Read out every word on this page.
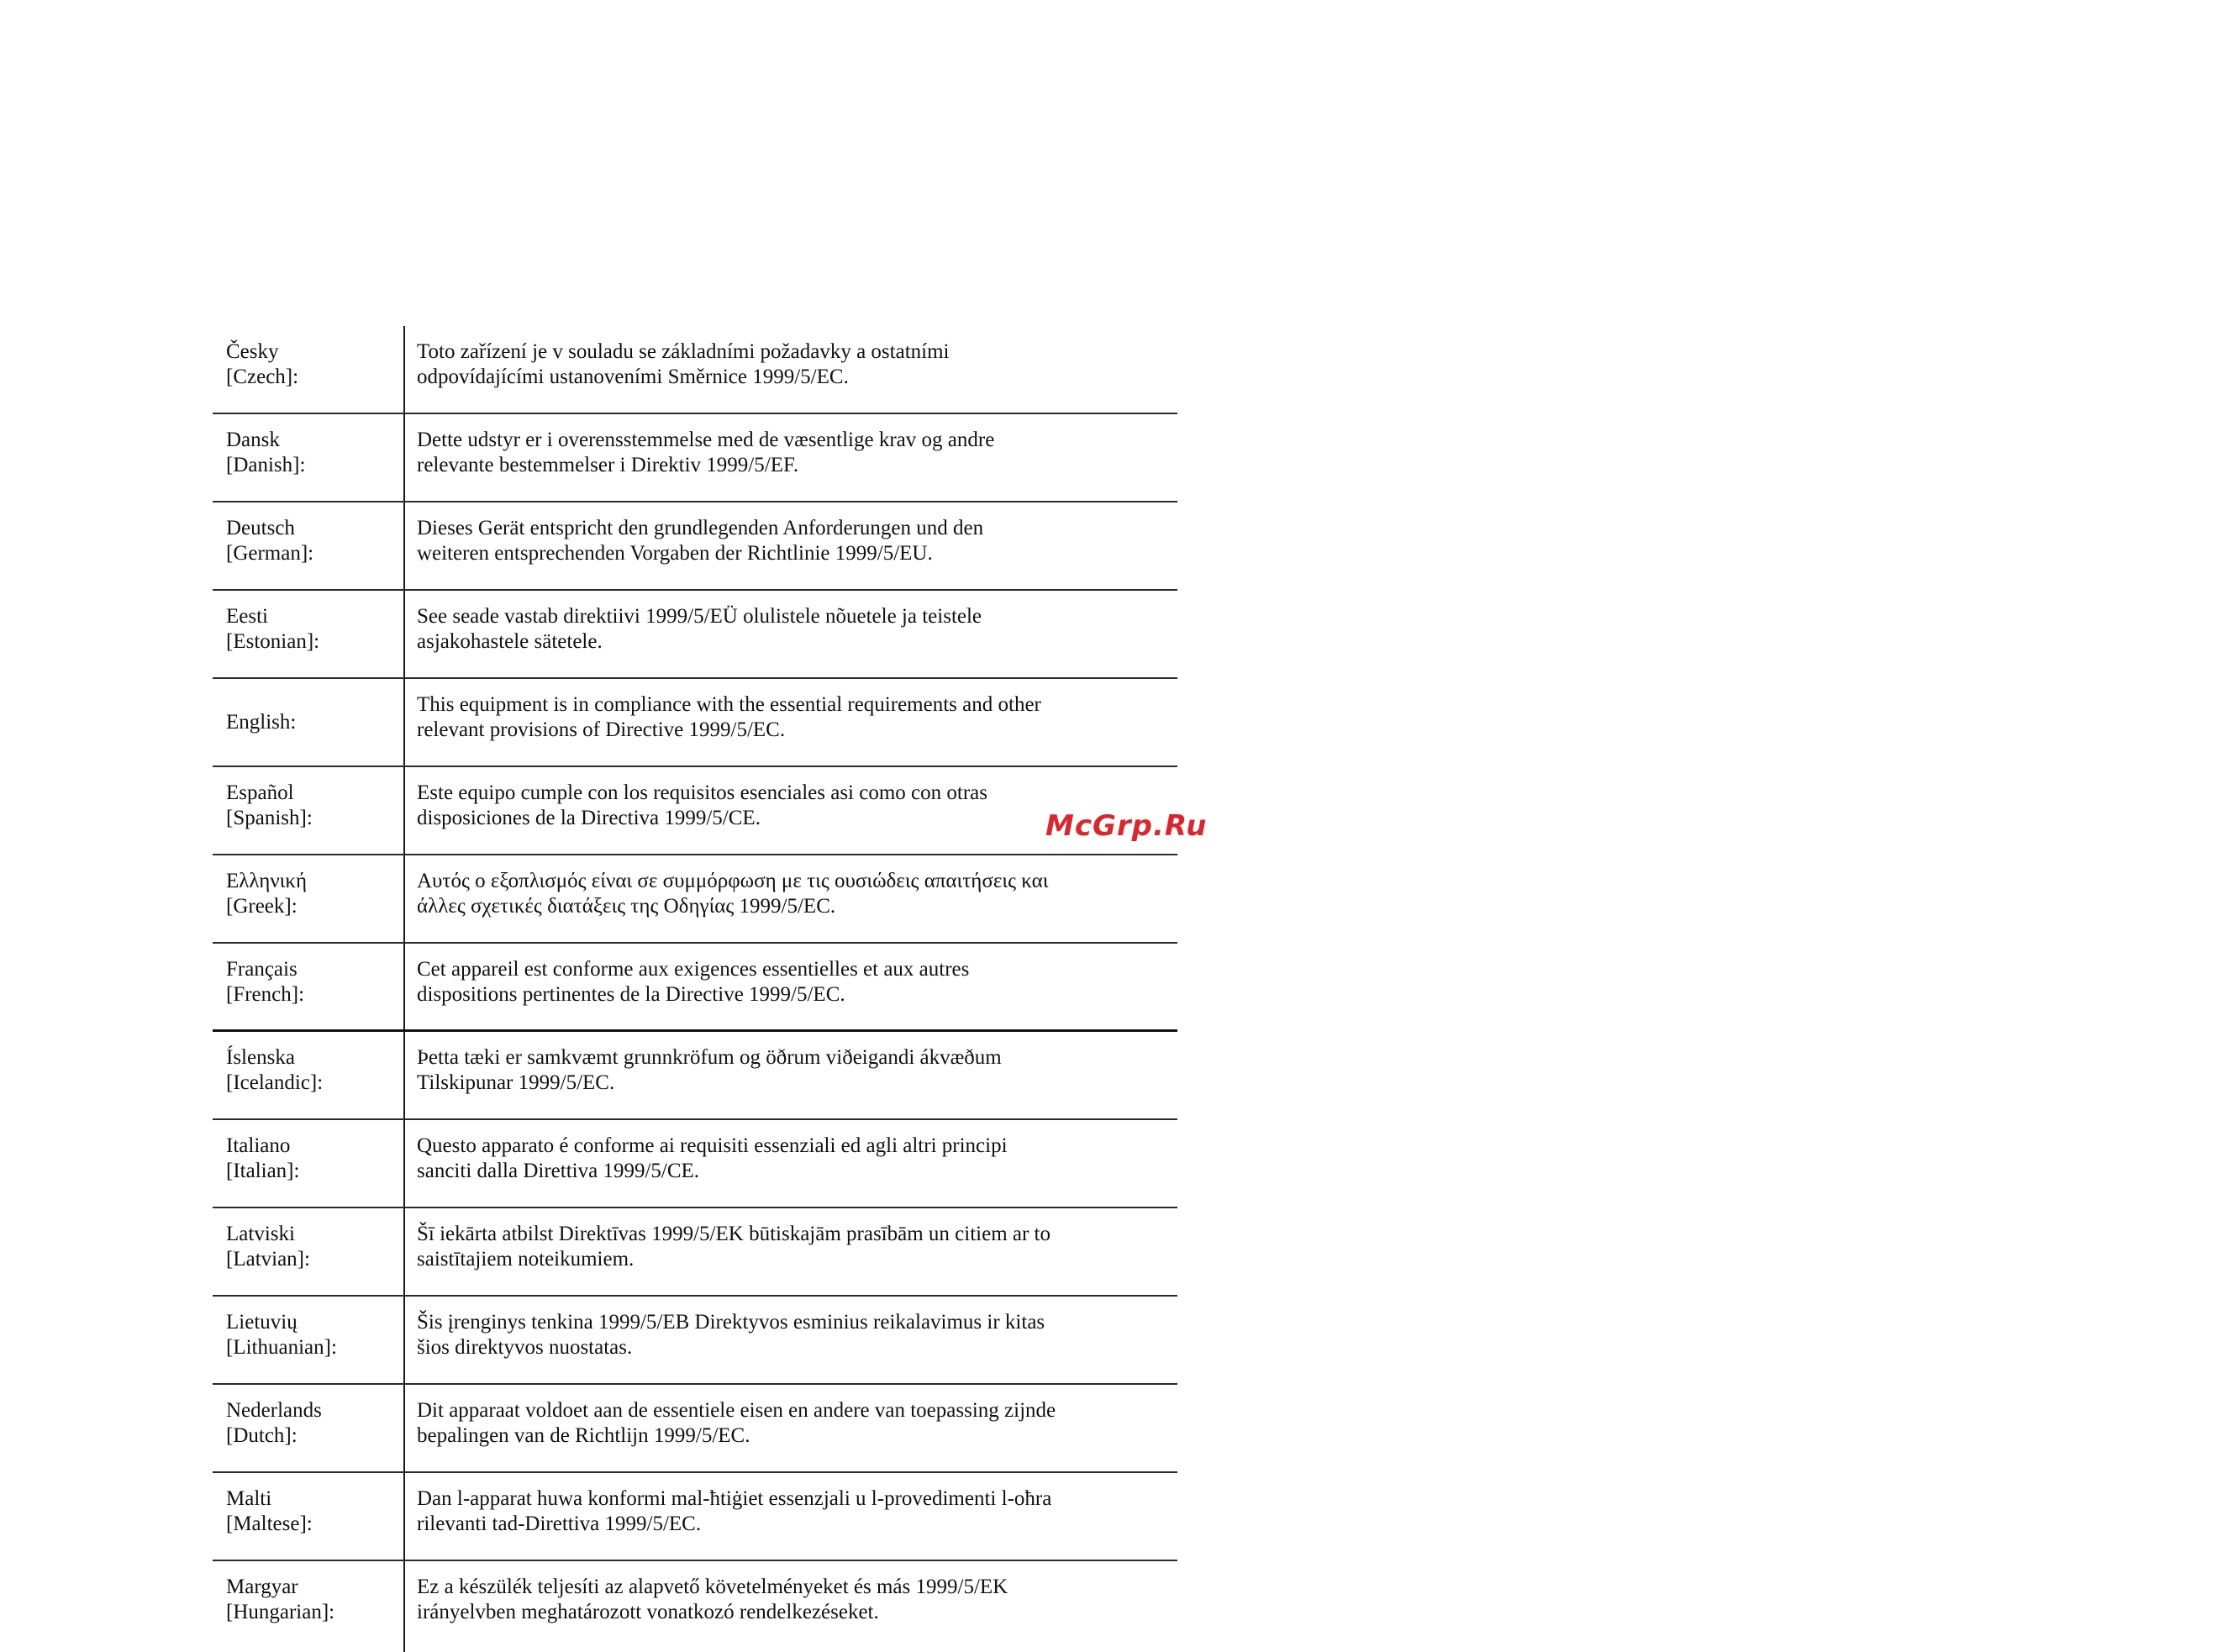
Česky
[Czech]:
Toto zařízení je v souladu se základními požadavky a ostatními
odpovídajícími ustanoveními Směrnice 1999/5/EC.
Dansk
[Danish]:
Dette udstyr er i overensstemmelse med de væsentlige krav og andre
relevante bestemmelser i Direktiv 1999/5/EF.
Deutsch
[German]:
Dieses Gerät entspricht den grundlegenden Anforderungen und den
weiteren entsprechenden Vorgaben der Richtlinie 1999/5/EU.
Eesti
[Estonian]:
See seade vastab direktiivi 1999/5/EÜ olulistele nõuetele ja teistele
asjakohastele sätetele.
English:
This equipment is in compliance with the essential requirements and other
relevant provisions of Directive 1999/5/EC.
Español
[Spanish]:
Este equipo cumple con los requisitos esenciales asi como con otras
disposiciones de la Directiva 1999/5/CE.
Ελληνική
[Greek]:
Αυτός ο εξοπλισμός είναι σε συμμόρφωση με τις ουσιώδεις απαιτήσεις και
άλλες σχετικές διατάξεις της Οδηγίας 1999/5/EC.
Français
[French]:
Cet appareil est conforme aux exigences essentielles et aux autres
dispositions pertinentes de la Directive 1999/5/EC.
Íslenska
[Icelandic]:
Þetta tæki er samkvæmt grunnkröfum og öðrum viðeigandi ákvæðum
Tilskipunar 1999/5/EC.
Italiano
[Italian]:
Questo apparato é conforme ai requisiti essenziali ed agli altri principi
sanciti dalla Direttiva 1999/5/CE.
Latviski
[Latvian]:
Šī iekārta atbilst Direktīvas 1999/5/EK būtiskajām prasībām un citiem ar to
saistītajiem noteikumiem.
Lietuvių
[Lithuanian]:
Šis įrenginys tenkina 1999/5/EB Direktyvos esminius reikalavimus ir kitas
šios direktyvos nuostatas.
Nederlands
[Dutch]:
Dit apparaat voldoet aan de essentiele eisen en andere van toepassing zijnde
bepalingen van de Richtlijn 1999/5/EC.
Malti
[Maltese]:
Dan l-apparat huwa konformi mal-ħtiġiet essenzjali u l-provedimenti l-oħra
rilevanti tad-Direttiva 1999/5/EC.
Margyar
[Hungarian]:
Ez a készülék teljesíti az alapvető követelményeket és más 1999/5/EK
irányelvben meghatározott vonatkozó rendelkezéseket.
McGrp.Ru
